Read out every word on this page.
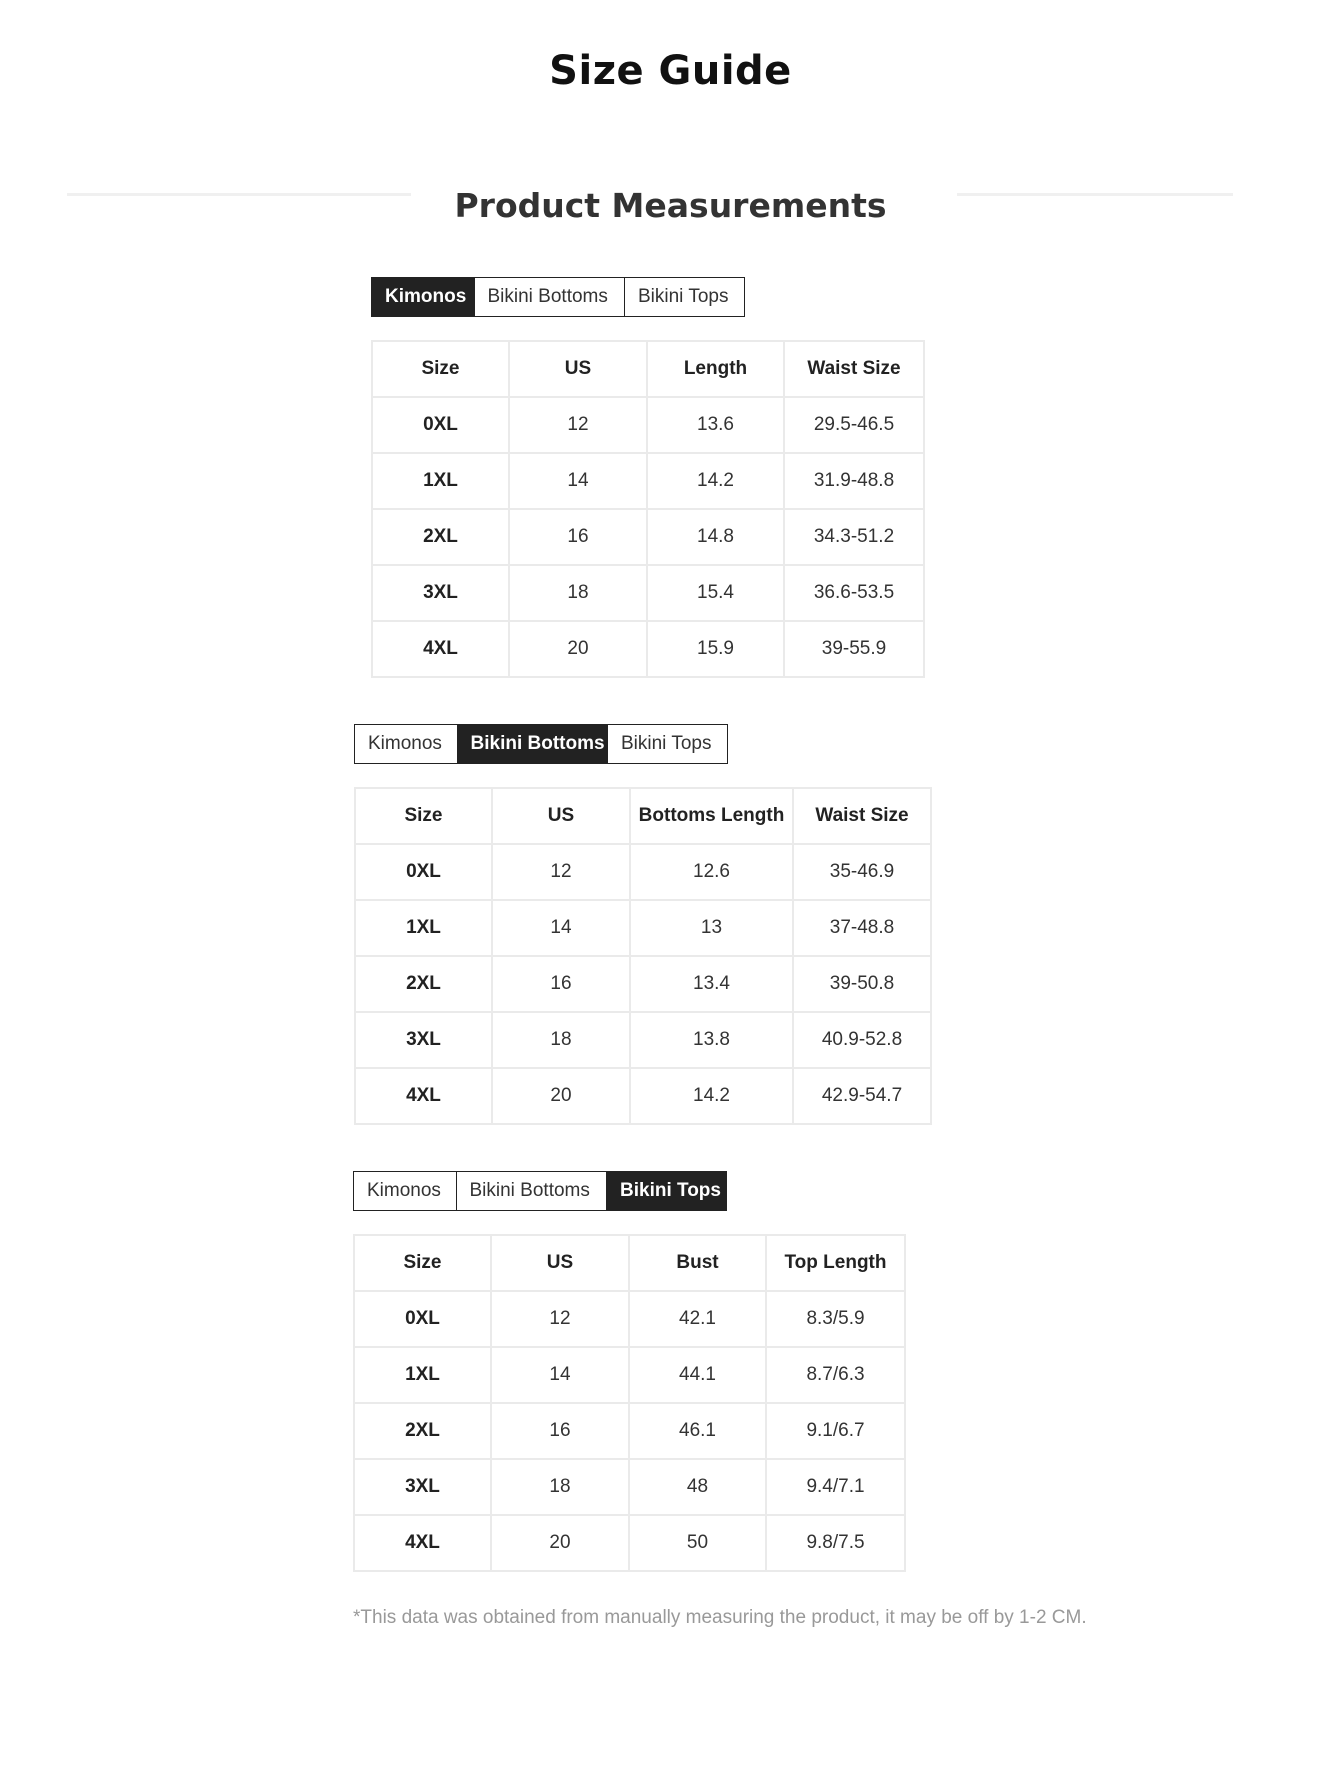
Size Guide
Product Measurements
Kimonos	Bikini Bottoms	Bikini Tops
Size	US	Length	Waist Size
0XL	12	13.6	29.5-46.5
1XL	14	14.2	31.9-48.8
2XL	16	14.8	34.3-51.2
3XL	18	15.4	36.6-53.5
4XL	20	15.9	39-55.9
Kimonos	Bikini Bottoms Bikini Tops
Size	US	Bottoms Length	Waist Size
0XL	12	12.6	35-46.9
1XL	14	13	37-48.8
2XL	16	13.4	39-50.8
3XL	18	13.8	40.9-52.8
4XL	20	14.2	42.9-54.7
Kimonos	Bikini Bottoms	Bikini Tops
Size	US	Bust	Top Length
0XL	12	42.1	8.3/5.9
1XL	14	44.1	8.7/6.3
2XL	16	46.1	9.1/6.7
3XL	18	48	9.4/7.1
4XL	20	50	9.8/7.5
*This data was obtained from manually measuring the product, it may be off by 1-2 CM.
